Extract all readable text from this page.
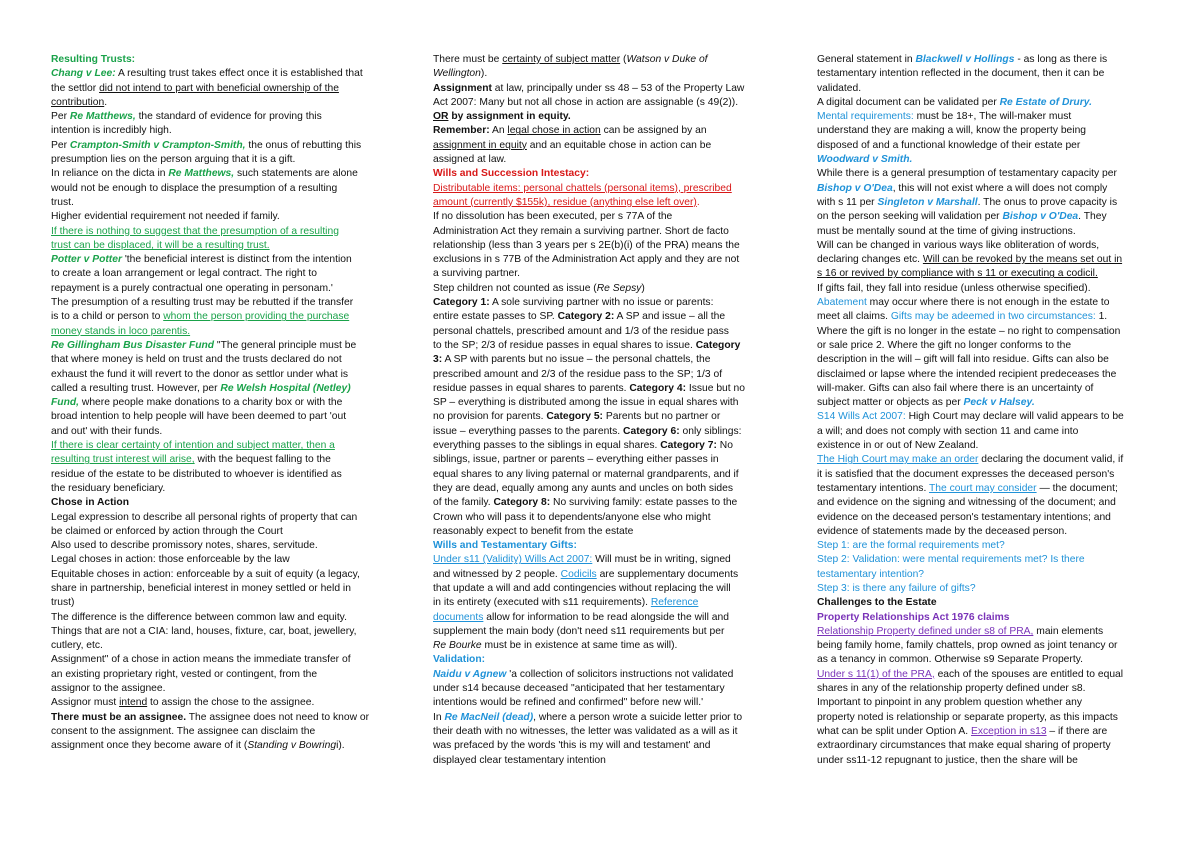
Resulting Trusts:
Chang v Lee: A resulting trust takes effect once it is established that
the settlor did not intend to part with beneficial ownership of the
contribution.
Per Re Matthews, the standard of evidence for proving this
intention is incredibly high.
Per Crampton-Smith v Crampton-Smith, the onus of rebutting this
presumption lies on the person arguing that it is a gift.
In reliance on the dicta in Re Matthews, such statements are alone
would not be enough to displace the presumption of a resulting
trust.
Higher evidential requirement not needed if family.
If there is nothing to suggest that the presumption of a resulting
trust can be displaced, it will be a resulting trust.
Potter v Potter 'the beneficial interest is distinct from the intention
to create a loan arrangement or legal contract. The right to
repayment is a purely contractual one operating in personam.'
The presumption of a resulting trust may be rebutted if the transfer
is to a child or person to whom the person providing the purchase
money stands in loco parentis.
Re Gillingham Bus Disaster Fund "The general principle must be
that where money is held on trust and the trusts declared do not
exhaust the fund it will revert to the donor as settlor under what is
called a resulting trust. However, per Re Welsh Hospital (Netley)
Fund, where people make donations to a charity box or with the
broad intention to help people will have been deemed to part 'out
and out' with their funds.
If there is clear certainty of intention and subject matter, then a
resulting trust interest will arise, with the bequest falling to the
residue of the estate to be distributed to whoever is identified as
the residuary beneficiary.
Chose in Action
Legal expression to describe all personal rights of property that can
be claimed or enforced by action through the Court
Also used to describe promissory notes, shares, servitude.
Legal choses in action: those enforceable by the law
Equitable choses in action: enforceable by a suit of equity (a legacy,
share in partnership, beneficial interest in money settled or held in
trust)
The difference is the difference between common law and equity.
Things that are not a CIA: land, houses, fixture, car, boat, jewellery,
cutlery, etc.
Assignment" of a chose in action means the immediate transfer of
an existing proprietary right, vested or contingent, from the
assignor to the assignee.
Assignor must intend to assign the chose to the assignee.
There must be an assignee. The assignee does not need to know or
consent to the assignment. The assignee can disclaim the
assignment once they become aware of it (Standing v Bowringi).
There must be certainty of subject matter (Watson v Duke of
Wellington).
Assignment at law, principally under ss 48 – 53 of the Property Law
Act 2007: Many but not all chose in action are assignable (s 49(2)).
OR by assignment in equity.
Remember: An legal chose in action can be assigned by an
assignment in equity and an equitable chose in action can be
assigned at law.
Wills and Succession Intestacy:
Distributable items: personal chattels (personal items), prescribed
amount (currently $155k), residue (anything else left over).
If no dissolution has been executed, per s 77A of the
Administration Act they remain a surviving partner. Short de facto
relationship (less than 3 years per s 2E(b)(i) of the PRA) means the
exclusions in s 77B of the Administration Act apply and they are not
a surviving partner.
Step children not counted as issue (Re Sepsy)
Category 1: A sole surviving partner with no issue or parents:
entire estate passes to SP. Category 2: A SP and issue – all the
personal chattels, prescribed amount and 1/3 of the residue pass
to the SP; 2/3 of residue passes in equal shares to issue. Category
3: A SP with parents but no issue – the personal chattels, the
prescribed amount and 2/3 of the residue pass to the SP; 1/3 of
residue passes in equal shares to parents. Category 4: Issue but no
SP – everything is distributed among the issue in equal shares with
no provision for parents. Category 5: Parents but no partner or
issue – everything passes to the parents. Category 6: only siblings:
everything passes to the siblings in equal shares. Category 7: No
siblings, issue, partner or parents – everything either passes in
equal shares to any living paternal or maternal grandparents, and if
they are dead, equally among any aunts and uncles on both sides
of the family. Category 8: No surviving family: estate passes to the
Crown who will pass it to dependents/anyone else who might
reasonably expect to benefit from the estate
Wills and Testamentary Gifts:
Under s11 (Validity) Wills Act 2007: Will must be in writing, signed
and witnessed by 2 people. Codicils are supplementary documents
that update a will and add contingencies without replacing the will
in its entirety (executed with s11 requirements). Reference
documents allow for information to be read alongside the will and
supplement the main body (don't need s11 requirements but per
Re Bourke must be in existence at same time as will).
Validation:
Naidu v Agnew 'a collection of solicitors instructions not validated
under s14 because deceased "anticipated that her testamentary
intentions would be refined and confirmed" before new will.'
In Re MacNeil (dead), where a person wrote a suicide letter prior to
their death with no witnesses, the letter was validated as a will as it
was prefaced by the words 'this is my will and testament' and
displayed clear testamentary intention
General statement in Blackwell v Hollings - as long as there is
testamentary intention reflected in the document, then it can be
validated.
A digital document can be validated per Re Estate of Drury.
Mental requirements: must be 18+, The will-maker must
understand they are making a will, know the property being
disposed of and a functional knowledge of their estate per
Woodward v Smith.
While there is a general presumption of testamentary capacity per
Bishop v O'Dea, this will not exist where a will does not comply
with s 11 per Singleton v Marshall. The onus to prove capacity is
on the person seeking will validation per Bishop v O'Dea. They
must be mentally sound at the time of giving instructions.
Will can be changed in various ways like obliteration of words,
declaring changes etc. Will can be revoked by the means set out in
s 16 or revived by compliance with s 11 or executing a codicil.
If gifts fail, they fall into residue (unless otherwise specified).
Abatement may occur where there is not enough in the estate to
meet all claims. Gifts may be adeemed in two circumstances: 1.
Where the gift is no longer in the estate – no right to compensation
or sale price 2. Where the gift no longer conforms to the
description in the will – gift will fall into residue. Gifts can also be
disclaimed or lapse where the intended recipient predeceases the
will-maker. Gifts can also fail where there is an uncertainty of
subject matter or objects as per Peck v Halsey.
S14 Wills Act 2007: High Court may declare will valid appears to be
a will; and does not comply with section 11 and came into
existence in or out of New Zealand.
The High Court may make an order declaring the document valid, if
it is satisfied that the document expresses the deceased person's
testamentary intentions. The court may consider — the document;
and evidence on the signing and witnessing of the document; and
evidence on the deceased person's testamentary intentions; and
evidence of statements made by the deceased person.
Step 1: are the formal requirements met?
Step 2: Validation: were mental requirements met? Is there
testamentary intention?
Step 3: is there any failure of gifts?
Challenges to the Estate
Property Relationships Act 1976 claims
Relationship Property defined under s8 of PRA, main elements
being family home, family chattels, prop owned as joint tenancy or
as a tenancy in common. Otherwise s9 Separate Property.
Under s 11(1) of the PRA, each of the spouses are entitled to equal
shares in any of the relationship property defined under s8.
Important to pinpoint in any problem question whether any
property noted is relationship or separate property, as this impacts
what can be split under Option A. Exception in s13 – if there are
extraordinary circumstances that make equal sharing of property
under ss11-12 repugnant to justice, then the share will be
